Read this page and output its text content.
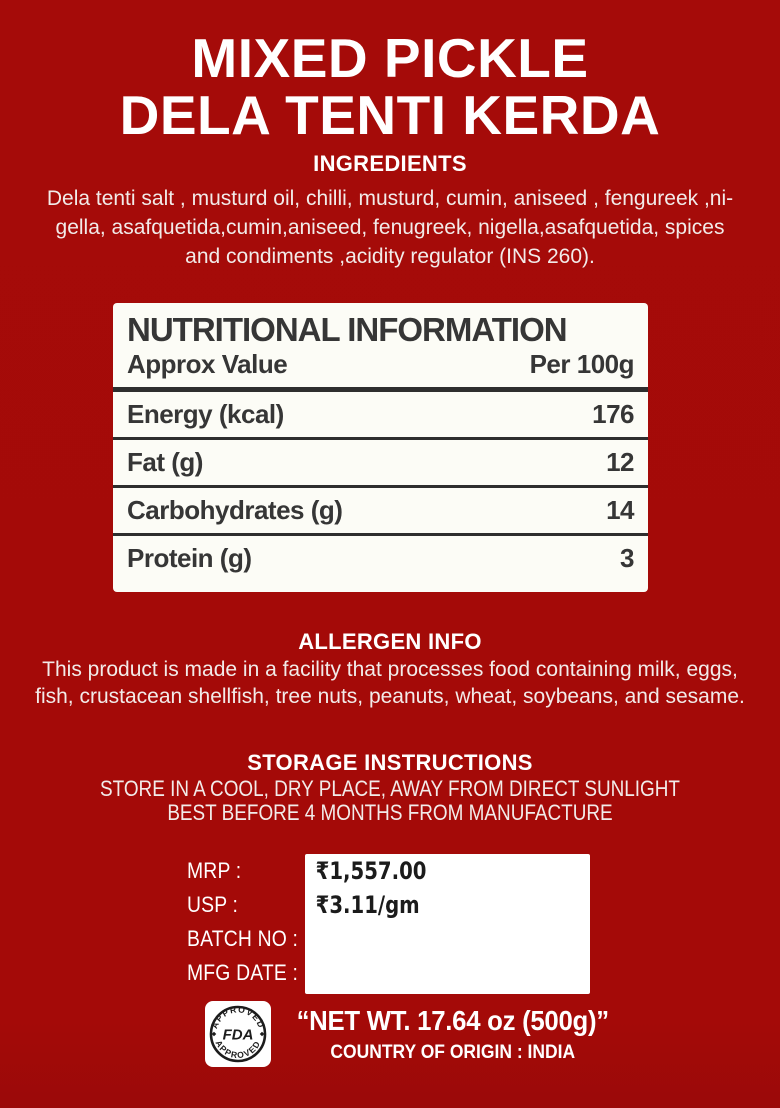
MIXED PICKLE
DELA TENTI KERDA
INGREDIENTS
Dela tenti salt , musturd oil, chilli, musturd, cumin, aniseed , fengureek ,ni-
gella, asafquetida,cumin,aniseed, fenugreek, nigella,asafquetida, spices
and condiments ,acidity regulator (INS 260).
NUTRITIONAL INFORMATION
Approx Value	Per 100g
Energy (kcal)	176
Fat (g)	12
Carbohydrates (g)	14
Protein (g)	3
ALLERGEN INFO
This product is made in a facility that processes food containing milk, eggs,
fish, crustacean shellfish, tree nuts, peanuts, wheat, soybeans, and sesame.
STORAGE INSTRUCTIONS
STORE IN A COOL, DRY PLACE, AWAY FROM DIRECT SUNLIGHT
BEST BEFORE 4 MONTHS FROM MANUFACTURE
MRP :	₹1,557.00
USP :	₹3.11/gm
BATCH NO :
MFG DATE :
APPROVED
APPROVED
FDA “NET WT. 17.64 oz (500g)”
COUNTRY OF ORIGIN : INDIA
